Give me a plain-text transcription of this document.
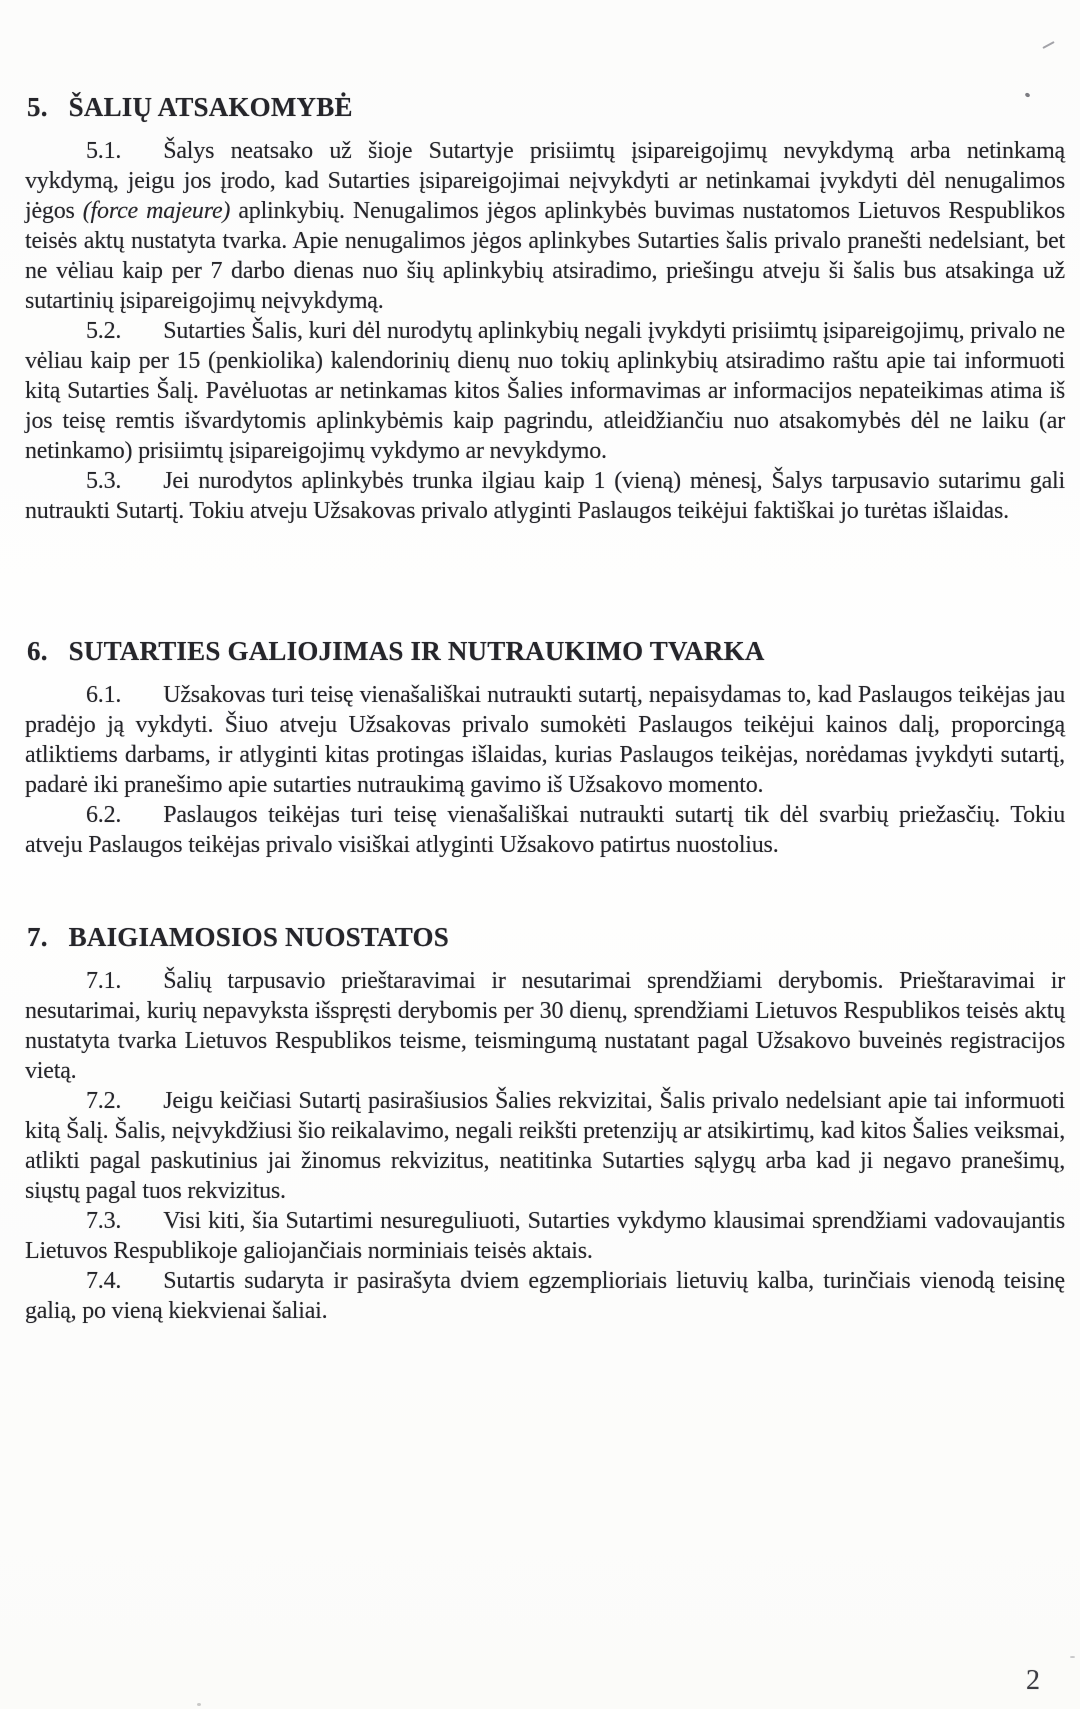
5. ŠALIŲ ATSAKOMYBĖ

5.1. Šalys neatsako už šioje Sutartyje prisiimtų įsipareigojimų nevykdymą arba netinkamą vykdymą, jeigu jos įrodo, kad Sutarties įsipareigojimai neįvykdyti ar netinkamai įvykdyti dėl nenugalimos jėgos (force majeure) aplinkybių. Nenugalimos jėgos aplinkybės buvimas nustatomos Lietuvos Respublikos teisės aktų nustatyta tvarka. Apie nenugalimos jėgos aplinkybes Sutarties šalis privalo pranešti nedelsiant, bet ne vėliau kaip per 7 darbo dienas nuo šių aplinkybių atsiradimo, priešingu atveju ši šalis bus atsakinga už sutartinių įsipareigojimų neįvykdymą.

5.2. Sutarties Šalis, kuri dėl nurodytų aplinkybių negali įvykdyti prisiimtų įsipareigojimų, privalo ne vėliau kaip per 15 (penkiolika) kalendorinių dienų nuo tokių aplinkybių atsiradimo raštu apie tai informuoti kitą Sutarties Šalį. Pavėluotas ar netinkamas kitos Šalies informavimas ar informacijos nepateikimas atima iš jos teisę remtis išvardytomis aplinkybėmis kaip pagrindu, atleidžiančiu nuo atsakomybės dėl ne laiku (ar netinkamo) prisiimtų įsipareigojimų vykdymo ar nevykdymo.

5.3. Jei nurodytos aplinkybės trunka ilgiau kaip 1 (vieną) mėnesį, Šalys tarpusavio sutarimu gali nutraukti Sutartį. Tokiu atveju Užsakovas privalo atlyginti Paslaugos teikėjui faktiškai jo turėtas išlaidas.

6. SUTARTIES GALIOJIMAS IR NUTRAUKIMO TVARKA

6.1. Užsakovas turi teisę vienašališkai nutraukti sutartį, nepaisydamas to, kad Paslaugos teikėjas jau pradėjo ją vykdyti. Šiuo atveju Užsakovas privalo sumokėti Paslaugos teikėjui kainos dalį, proporcingą atliktiems darbams, ir atlyginti kitas protingas išlaidas, kurias Paslaugos teikėjas, norėdamas įvykdyti sutartį, padarė iki pranešimo apie sutarties nutraukimą gavimo iš Užsakovo momento.

6.2. Paslaugos teikėjas turi teisę vienašališkai nutraukti sutartį tik dėl svarbių priežasčių. Tokiu atveju Paslaugos teikėjas privalo visiškai atlyginti Užsakovo patirtus nuostolius.

7. BAIGIAMOSIOS NUOSTATOS

7.1. Šalių tarpusavio prieštaravimai ir nesutarimai sprendžiami derybomis. Prieštaravimai ir nesutarimai, kurių nepavyksta išspręsti derybomis per 30 dienų, sprendžiami Lietuvos Respublikos teisės aktų nustatyta tvarka Lietuvos Respublikos teisme, teismingumą nustatant pagal Užsakovo buveinės registracijos vietą.

7.2. Jeigu keičiasi Sutartį pasirašiusios Šalies rekvizitai, Šalis privalo nedelsiant apie tai informuoti kitą Šalį. Šalis, neįvykdžiusi šio reikalavimo, negali reikšti pretenzijų ar atsikirtimų, kad kitos Šalies veiksmai, atlikti pagal paskutinius jai žinomus rekvizitus, neatitinka Sutarties sąlygų arba kad ji negavo pranešimų, siųstų pagal tuos rekvizitus.

7.3. Visi kiti, šia Sutartimi nesureguliuoti, Sutarties vykdymo klausimai sprendžiami vadovaujantis Lietuvos Respublikoje galiojančiais norminiais teisės aktais.

7.4. Sutartis sudaryta ir pasirašyta dviem egzemplioriais lietuvių kalba, turinčiais vienodą teisinę galią, po vieną kiekvienai šaliai.

2
